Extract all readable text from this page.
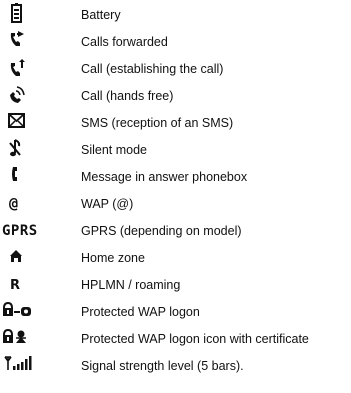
Battery
Calls forwarded
Call (establishing the call)
Call (hands free)
SMS (reception of an SMS)
Silent mode
Message in answer phonebox
@	WAP (@)
GPRS	GPRS (depending on model)
Home zone
R	HPLMN / roaming
Protected WAP logon
Protected WAP logon icon with certificate
Signal strength level (5 bars).
